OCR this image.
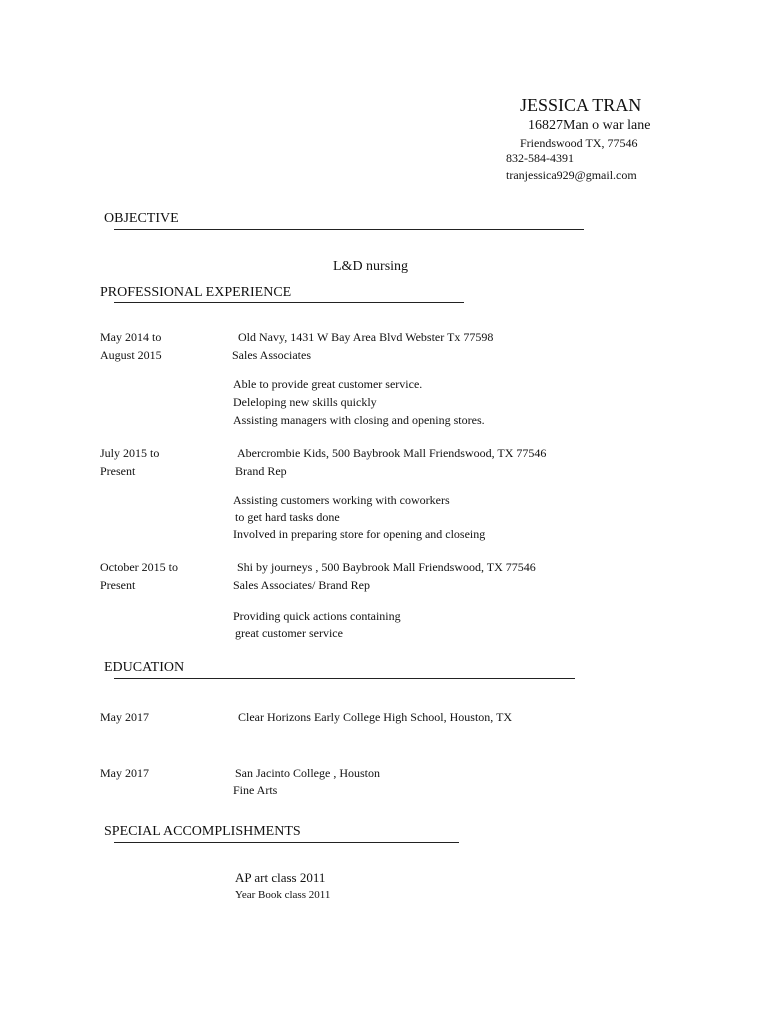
JESSICA TRAN
16827Man o war lane
Friendswood TX, 77546
832-584-4391
tranjessica929@gmail.com
OBJECTIVE
L&D nursing
PROFESSIONAL EXPERIENCE
May 2014 to
August 2015
Old Navy, 1431 W Bay Area Blvd Webster Tx 77598
Sales Associates
Able to provide great customer service.
Deleloping new skills quickly
Assisting managers with closing and opening stores.
July 2015 to
Present
Abercrombie Kids, 500 Baybrook Mall Friendswood, TX 77546
Brand Rep
Assisting customers working with coworkers
to get hard tasks done
Involved in preparing store for opening and closeing
October 2015 to
Present
Shi by journeys , 500 Baybrook Mall Friendswood, TX 77546
Sales Associates/ Brand Rep
Providing quick actions containing
great customer service
EDUCATION
May 2017	Clear Horizons Early College High School, Houston, TX
May 2017	San Jacinto College , Houston
Fine Arts
SPECIAL ACCOMPLISHMENTS
AP art class 2011
Year Book class 2011
